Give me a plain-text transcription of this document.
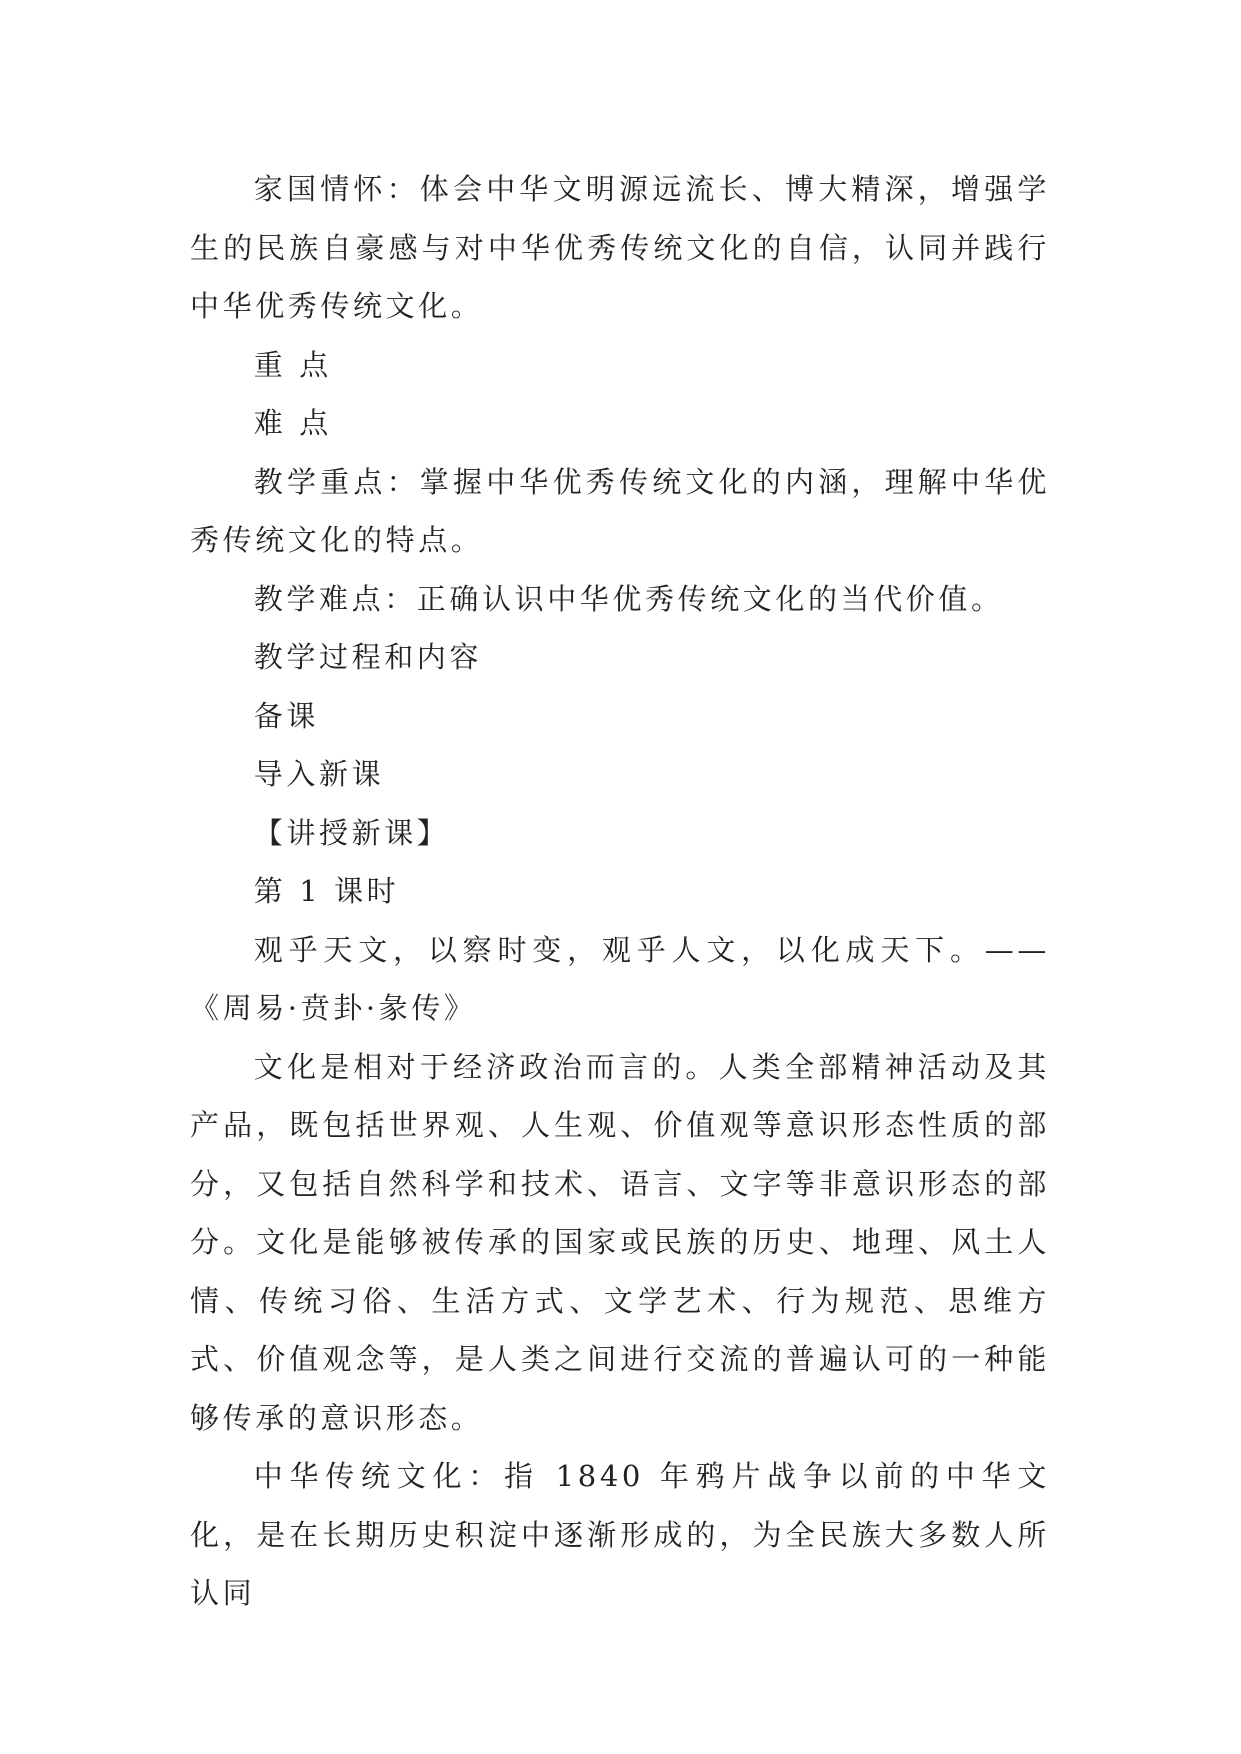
家国情怀：体会中华文明源远流长、博大精深，增强学生的民族自豪感与对中华优秀传统文化的自信，认同并践行中华优秀传统文化。

重 点

难 点

教学重点：掌握中华优秀传统文化的内涵，理解中华优秀传统文化的特点。

教学难点：正确认识中华优秀传统文化的当代价值。

教学过程和内容

备课

导入新课

【讲授新课】

第 1 课时

观乎天文，以察时变，观乎人文，以化成天下。——《周易·贲卦·彖传》

文化是相对于经济政治而言的。人类全部精神活动及其产品，既包括世界观、人生观、价值观等意识形态性质的部分，又包括自然科学和技术、语言、文字等非意识形态的部分。文化是能够被传承的国家或民族的历史、地理、风土人情、传统习俗、生活方式、文学艺术、行为规范、思维方式、价值观念等，是人类之间进行交流的普遍认可的一种能够传承的意识形态。

中华传统文化：指 1840 年鸦片战争以前的中华文化，是在长期历史积淀中逐渐形成的，为全民族大多数人所认同
